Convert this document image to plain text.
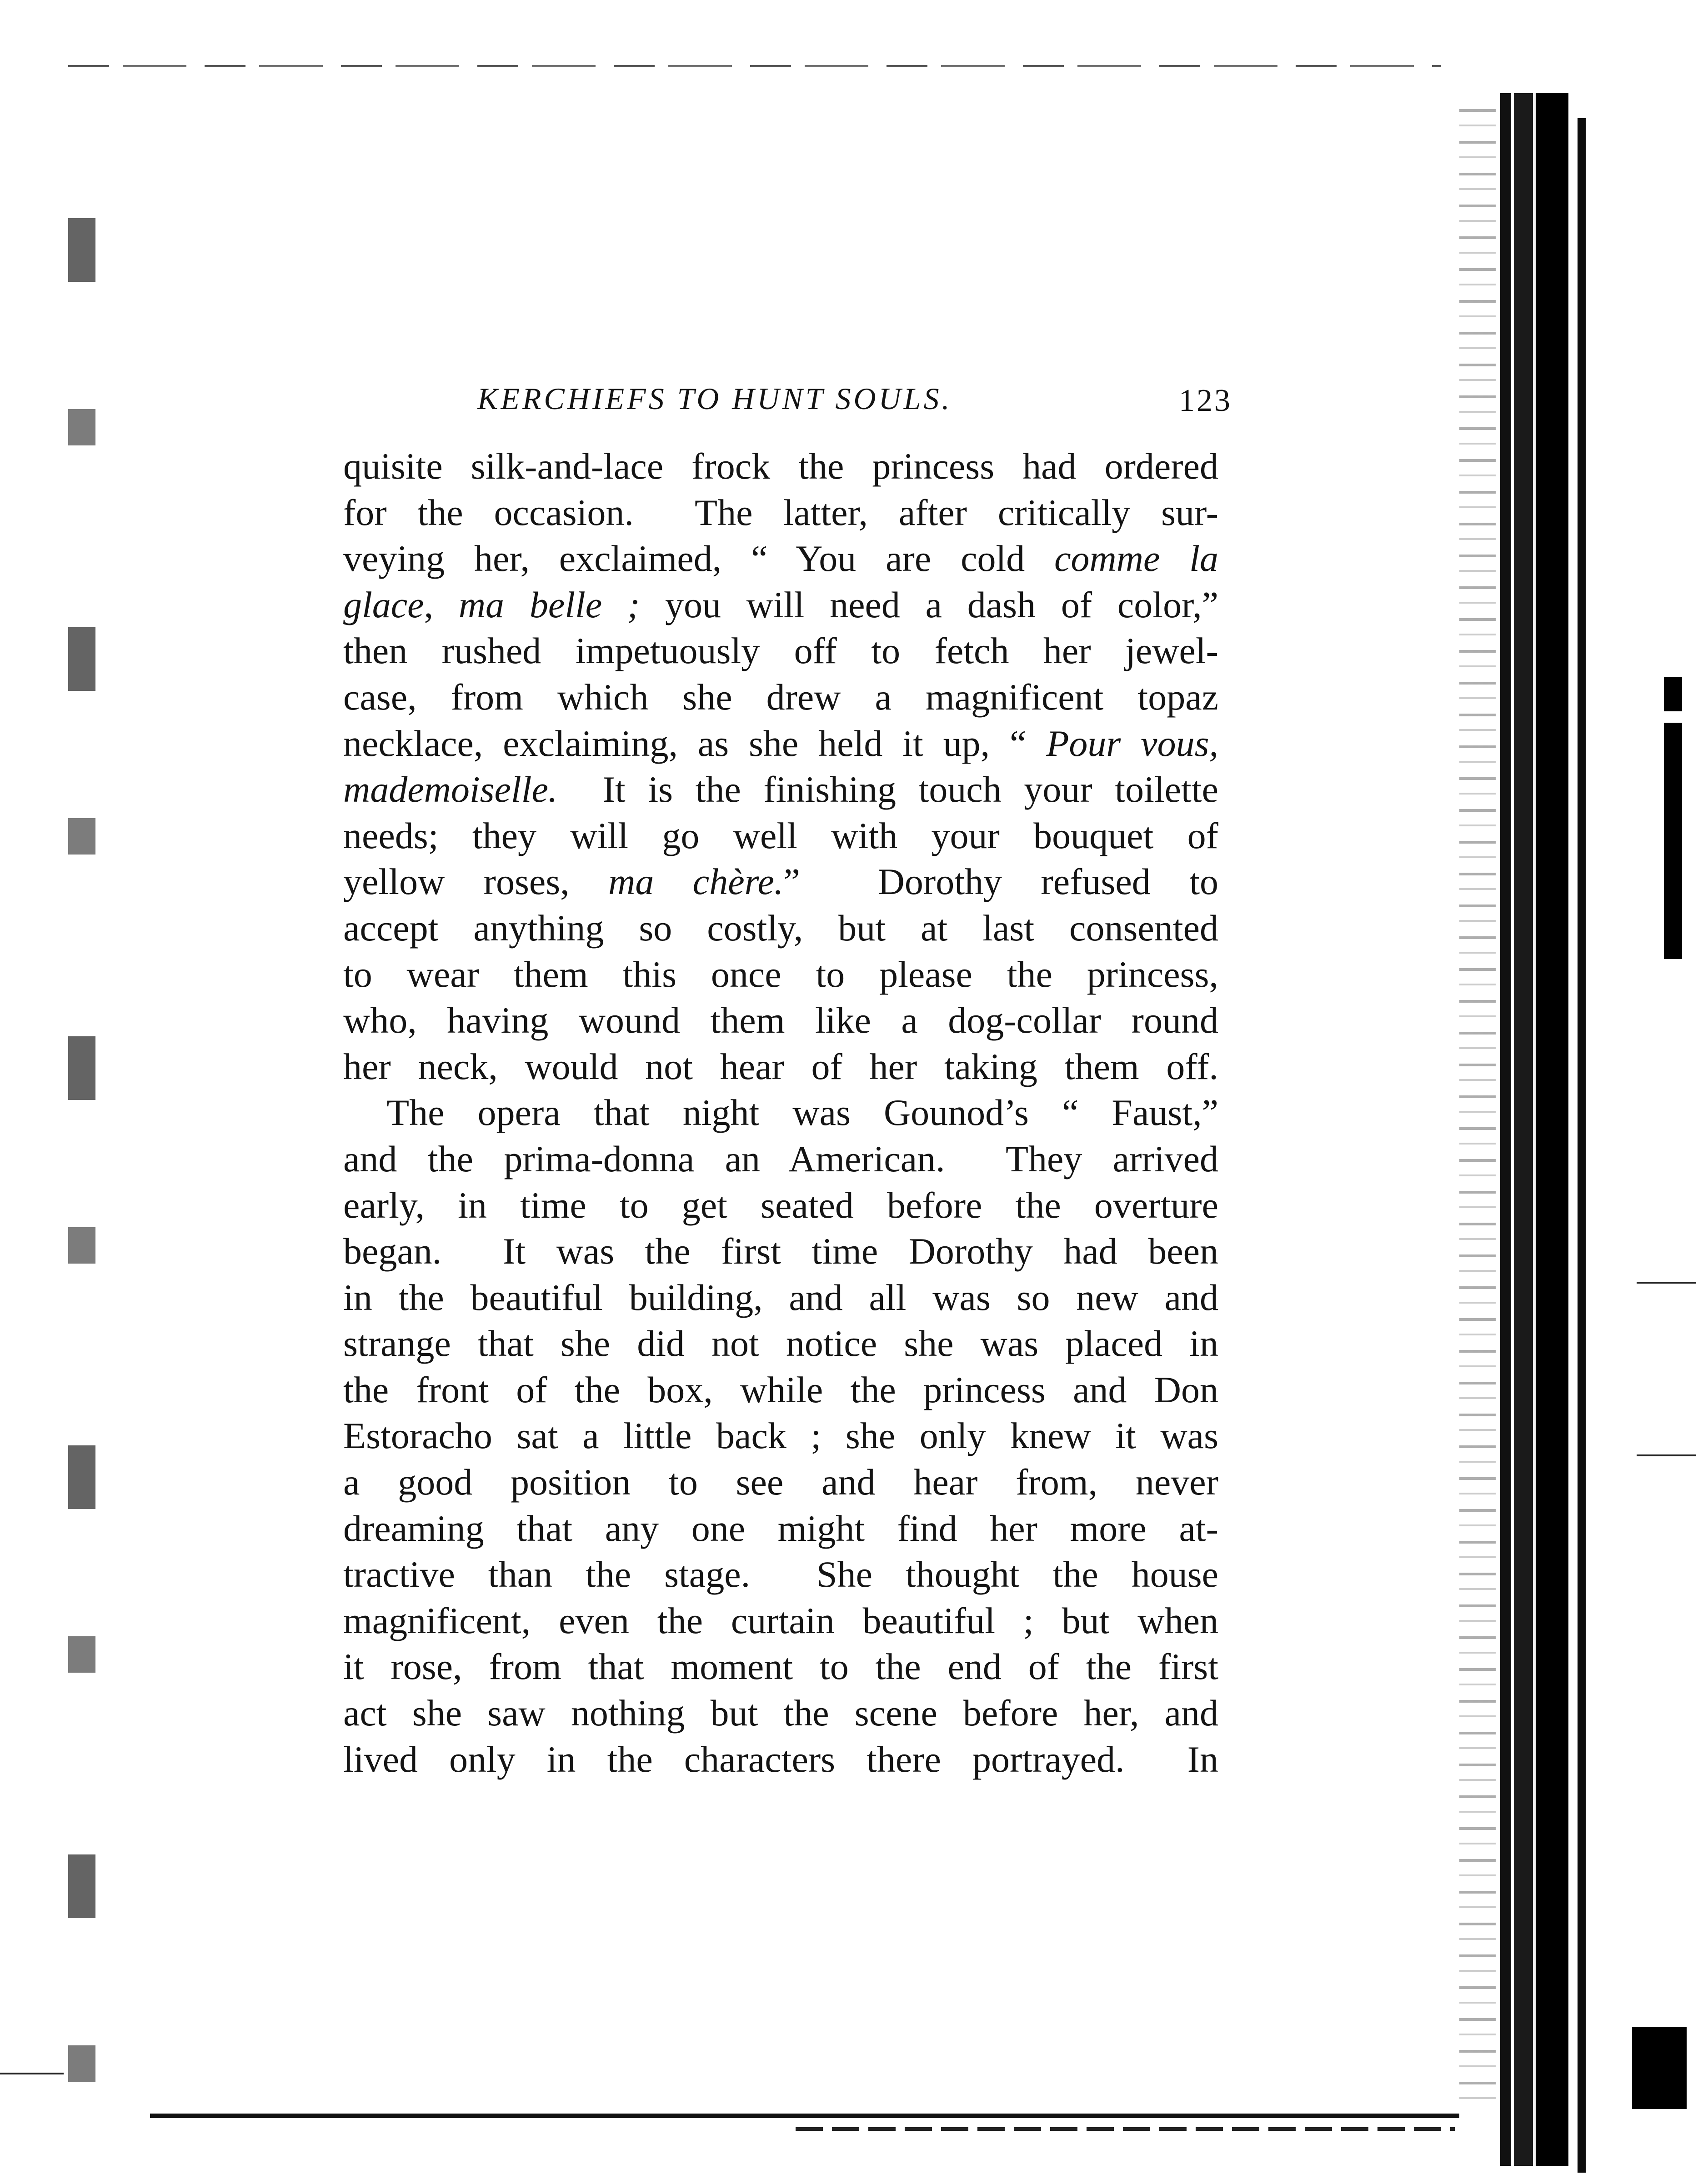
KERCHIEFS TO HUNT SOULS.	123
quisite silk-and-lace frock the princess had ordered
for the occasion.  The latter, after critically sur-
veying her, exclaimed, “ You are cold comme la
glace, ma belle ; you will need a dash of color,”
then rushed impetuously off to fetch her jewel-
case, from which she drew a magnificent topaz
necklace, exclaiming, as she held it up, “ Pour vous,
mademoiselle.  It is the finishing touch your toilette
needs; they will go well with your bouquet of
yellow roses, ma chère.”  Dorothy refused to
accept anything so costly, but at last consented
to wear them this once to please the princess,
who, having wound them like a dog-collar round
her neck, would not hear of her taking them off.
The opera that night was Gounod’s “ Faust,”
and the prima-donna an American.  They arrived
early, in time to get seated before the overture
began.  It was the first time Dorothy had been
in the beautiful building, and all was so new and
strange that she did not notice she was placed in
the front of the box, while the princess and Don
Estoracho sat a little back ; she only knew it was
a good position to see and hear from, never
dreaming that any one might find her more at-
tractive than the stage.  She thought the house
magnificent, even the curtain beautiful ; but when
it rose, from that moment to the end of the first
act she saw nothing but the scene before her, and
lived only in the characters there portrayed.  In
